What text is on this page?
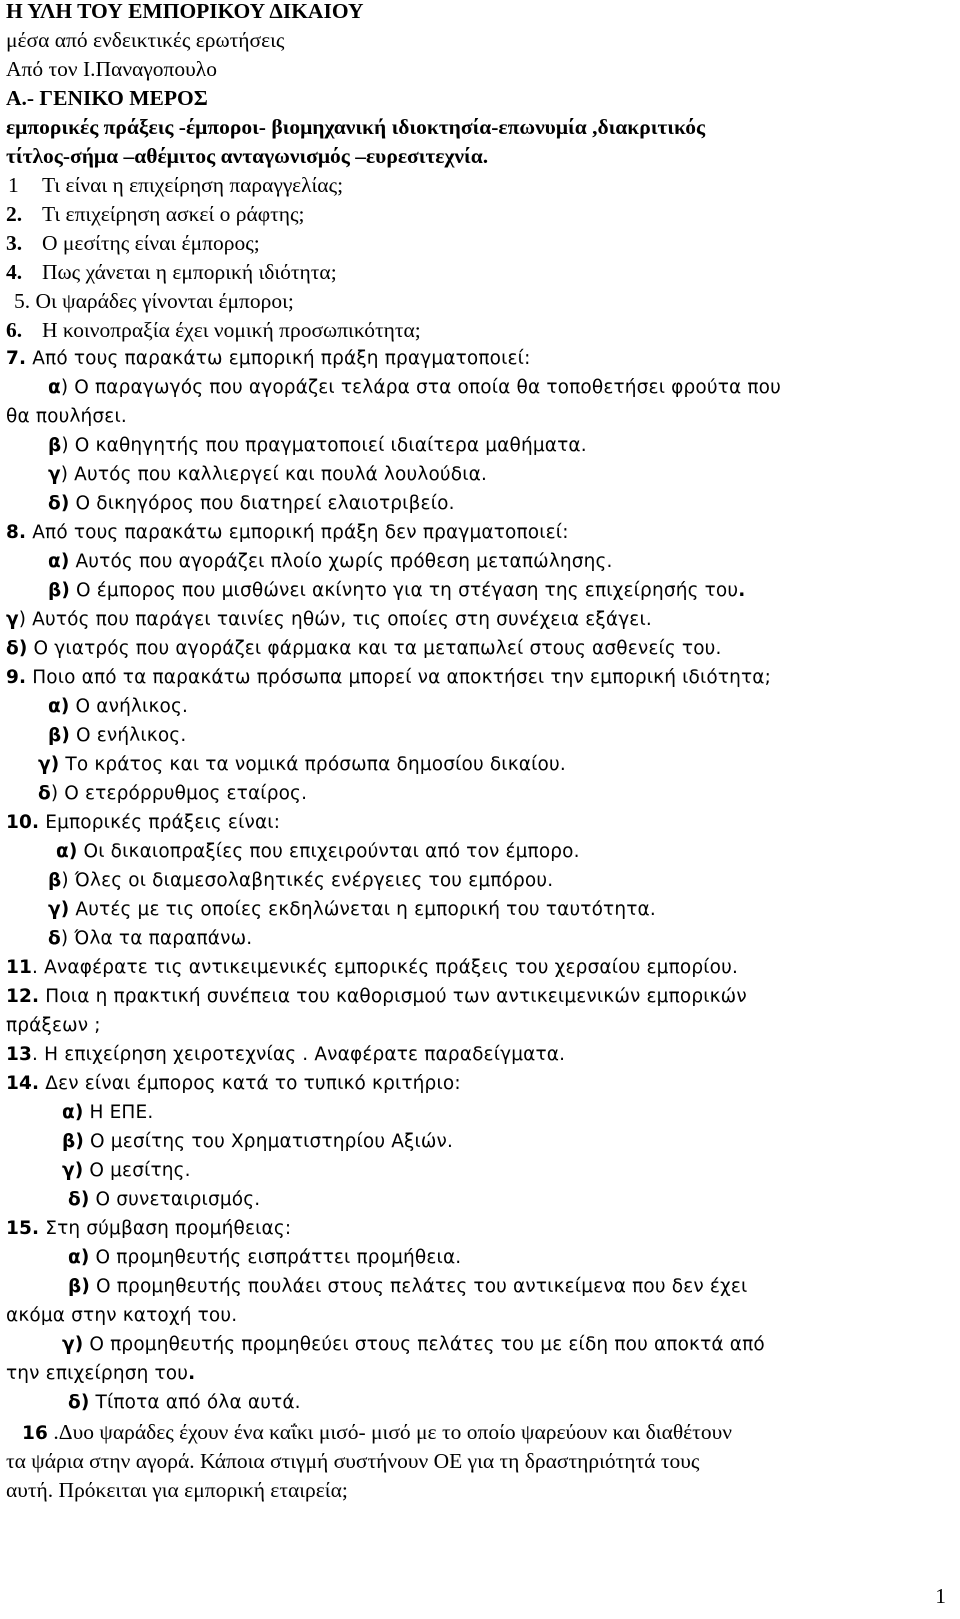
Η ΥΛΗ ΤΟΥ ΕΜΠΟΡΙΚΟΥ ΔΙΚΑΙΟΥ
μέσα από ενδεικτικές ερωτήσεις
Από τον Ι.Παναγοπουλο
Α.- ΓΕΝΙΚΟ ΜΕΡΟΣ
εμπορικές πράξεις -έμποροι- βιομηχανική ιδιοκτησία-επωνυμία ,διακριτικός
τίτλος-σήμα –αθέμιτος ανταγωνισμός –ευρεσιτεχνία.
1 Τι είναι η επιχείρηση παραγγελίας;
2. Τι επιχείρηση ασκεί ο ράφτης;
3. Ο μεσίτης είναι έμπορος;
4. Πως χάνεται η εμπορική ιδιότητα;
5. Οι ψαράδες γίνονται έμποροι;
6. Η κοινοπραξία έχει νομική προσωπικότητα;
7. Από τους παρακάτω εμπορική πράξη πραγματοποιεί:
α) Ο παραγωγός που αγοράζει τελάρα στα οποία θα τοποθετήσει φρούτα που
θα πουλήσει.
β) Ο καθηγητής που πραγματοποιεί ιδιαίτερα μαθήματα.
γ) Αυτός που καλλιεργεί και πουλά λουλούδια.
δ) Ο δικηγόρος που διατηρεί ελαιοτριβείο.
8. Από τους παρακάτω εμπορική πράξη δεν πραγματοποιεί:
α) Αυτός που αγοράζει πλοίο χωρίς πρόθεση μεταπώλησης.
β) Ο έμπορος που μισθώνει ακίνητο για τη στέγαση της επιχείρησής του.
γ) Αυτός που παράγει ταινίες ηθών, τις οποίες στη συνέχεια εξάγει.
δ) Ο γιατρός που αγοράζει φάρμακα και τα μεταπωλεί στους ασθενείς του.
9. Ποιο από τα παρακάτω πρόσωπα μπορεί να αποκτήσει την εμπορική ιδιότητα;
α) Ο ανήλικος.
β) Ο ενήλικος.
γ) Το κράτος και τα νομικά πρόσωπα δημοσίου δικαίου.
δ) Ο ετερόρρυθμος εταίρος.
10. Εμπορικές πράξεις είναι:
α) Οι δικαιοπραξίες που επιχειρούνται από τον έμπορο.
β) Όλες οι διαμεσολαβητικές ενέργειες του εμπόρου.
γ) Αυτές με τις οποίες εκδηλώνεται η εμπορική του ταυτότητα.
δ) Όλα τα παραπάνω.
11. Αναφέρατε τις αντικειμενικές εμπορικές πράξεις του χερσαίου εμπορίου.
12. Ποια η πρακτική συνέπεια του καθορισμού των αντικειμενικών εμπορικών
πράξεων ;
13. Η επιχείρηση χειροτεχνίας . Αναφέρατε παραδείγματα.
14. Δεν είναι έμπορος κατά το τυπικό κριτήριο:
α) Η ΕΠΕ.
β) Ο μεσίτης του Χρηματιστηρίου Αξιών.
γ) Ο μεσίτης.
δ) Ο συνεταιρισμός.
15. Στη σύμβαση προμήθειας:
α) Ο προμηθευτής εισπράττει προμήθεια.
β) Ο προμηθευτής πουλάει στους πελάτες του αντικείμενα που δεν έχει
ακόμα στην κατοχή του.
γ) Ο προμηθευτής προμηθεύει στους πελάτες του με είδη που αποκτά από
την επιχείρηση του.
δ) Τίποτα από όλα αυτά.
16 .Δυο ψαράδες έχουν ένα καΐκι μισό- μισό με το οποίο ψαρεύουν και διαθέτουν
τα ψάρια στην αγορά. Κάποια στιγμή συστήνουν ΟΕ για τη δραστηριότητά τους
αυτή. Πρόκειται για εμπορική εταιρεία;
1
